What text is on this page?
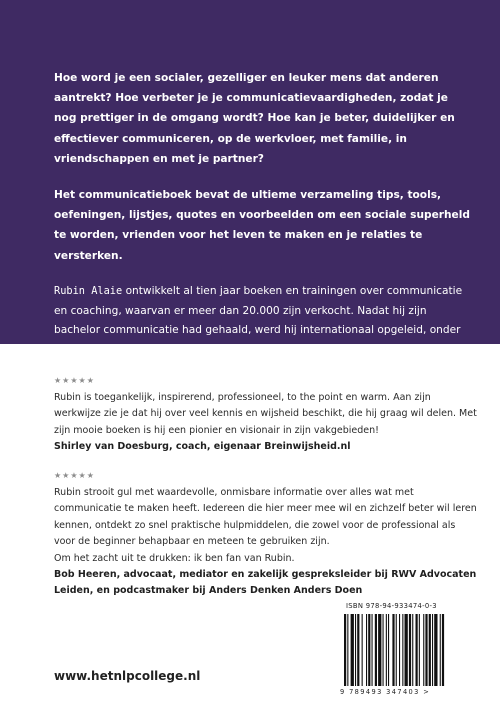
Hoe word je een socialer, gezelliger en leuker mens dat anderen aantrekt? Hoe verbeter je je communicatievaardigheden, zodat je nog prettiger in de omgang wordt? Hoe kan je beter, duidelijker en effectiever communiceren, op de werkvloer, met familie, in vriendschappen en met je partner?

Het communicatieboek bevat de ultieme verzameling tips, tools, oefeningen, lijstjes, quotes en voorbeelden om een sociale superheld te worden, vrienden voor het leven te maken en je relaties te versterken.

Rubin Alaie ontwikkelt al tien jaar boeken en trainingen over communicatie en coaching, waarvan er meer dan 20.000 zijn verkocht. Nadat hij zijn bachelor communicatie had gehaald, werd hij internationaal opgeleid, onder

★★★★★

Rubin is toegankelijk, inspirerend, professioneel, to the point en warm. Aan zijn werkwijze zie je dat hij over veel kennis en wijsheid beschikt, die hij graag wil delen. Met zijn mooie boeken is hij een pionier en visionair in zijn vakgebieden!

Shirley van Doesburg, coach, eigenaar Breinwijsheid.nl
★★★★★

Rubin strooit gul met waardevolle, onmisbare informatie over alles wat met communicatie te maken heeft. Iedereen die hier meer mee wil en zichzelf beter wil leren kennen, ontdekt zo snel praktische hulpmiddelen, die zowel voor de professional als voor de beginner behapbaar en meteen te gebruiken zijn.

Om het zacht uit te drukken: ik ben fan van Rubin.

Bob Heeren, advocaat, mediator en zakelijk gespreksleider bij RWV Advocaten Leiden, en podcastmaker bij Anders Denken Anders Doen
www.hetnlpcollege.nl
ISBN 978-94-933474-0-3
9 789493 347403 >
